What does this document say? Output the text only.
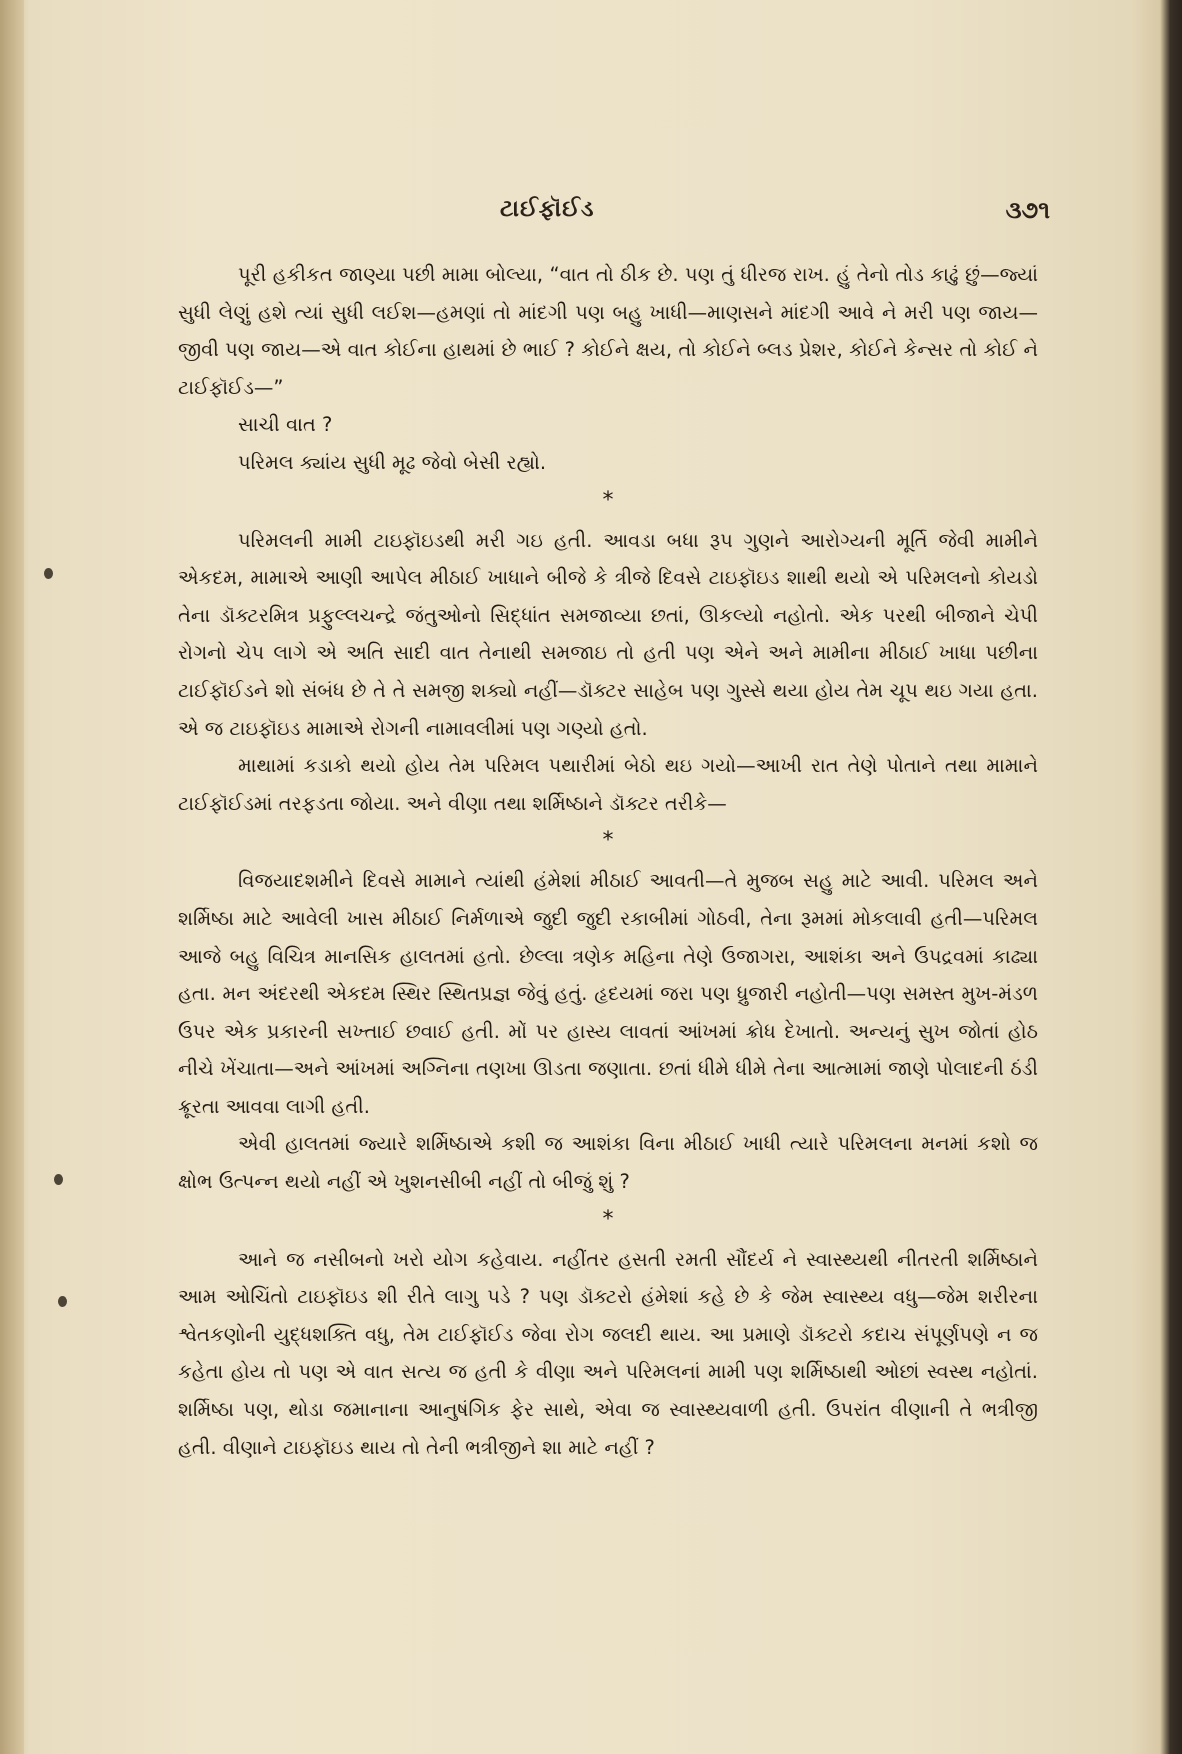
ટાઈફૉઈડ	૩૭૧

પૂરી હકીકત જાણ્યા પછી મામા બોલ્યા, “વાત તો ઠીક છે. પણ તું ધીરજ રાખ. હું તેનો તોડ કાઢું છું—જ્યાં સુધી લેણું હશે ત્યાં સુધી લઈશ—હમણાં તો માંદગી પણ બહુ ખાધી—માણસને માંદગી આવે ને મરી પણ જાય—જીવી પણ જાય—એ વાત કોઈના હાથમાં છે ભાઈ ? કોઈને ક્ષય, તો કોઈને બ્લડ પ્રેશર, કોઈને કેન્સર તો કોઈ ને ટાઈફૉઈડ—”

સાચી વાત ?

પરિમલ ક્યાંય સુધી મૂઢ જેવો બેસી રહ્યો.

*

પરિમલની મામી ટાઇફૉઇડથી મરી ગઇ હતી. આવડા બધા રૂપ ગુણને આરોગ્યની મૂર્તિ જેવી મામીને એકદમ, મામાએ આણી આપેલ મીઠાઈ ખાધાને બીજે કે ત્રીજે દિવસે ટાઇફૉઇડ શાથી થયો એ પરિમલનો કોયડો તેના ડૉક્ટરમિત્ર પ્રફુલ્લચન્દ્રે જંતુઓનો સિદ્ધાંત સમજાવ્યા છતાં, ઊકલ્યો નહોતો. એક પરથી બીજાને ચેપી રોગનો ચેપ લાગે એ અતિ સાદી વાત તેનાથી સમજાઇ તો હતી પણ એને અને મામીના મીઠાઈ ખાધા પછીના ટાઈફૉઈડને શો સંબંધ છે તે તે સમજી શક્યો નહીં—ડૉક્ટર સાહેબ પણ ગુસ્સે થયા હોય તેમ ચૂપ થઇ ગયા હતા. એ જ ટાઇફૉઇડ મામાએ રોગની નામાવલીમાં પણ ગણ્યો હતો.

માથામાં કડાકો થયો હોય તેમ પરિમલ પથારીમાં બેઠો થઇ ગયો—આખી રાત તેણે પોતાને તથા મામાને ટાઈફૉઈડમાં તરફડતા જોયા. અને વીણા તથા શર્મિષ્ઠાને ડૉક્ટર તરીકે—

*

વિજયાદશમીને દિવસે મામાને ત્યાંથી હંમેશાં મીઠાઈ આવતી—તે મુજબ સહુ માટે આવી. પરિમલ અને શર્મિષ્ઠા માટે આવેલી ખાસ મીઠાઈ નિર્મળાએ જુદી જુદી રકાબીમાં ગોઠવી, તેના રૂમમાં મોકલાવી હતી—પરિમલ આજે બહુ વિચિત્ર માનસિક હાલતમાં હતો. છેલ્લા ત્રણેક મહિના તેણે ઉજાગરા, આશંકા અને ઉપદ્રવમાં કાઢ્યા હતા. મન અંદરથી એકદમ સ્થિર સ્થિતપ્રજ્ઞ જેવું હતું. હૃદયમાં જરા પણ ધ્રુજારી નહોતી—પણ સમસ્ત મુખ-મંડળ ઉપર એક પ્રકારની સખ્તાઈ છવાઈ હતી. મોં પર હાસ્ય લાવતાં આંખમાં ક્રોધ દેખાતો. અન્યનું સુખ જોતાં હોઠ નીચે ખેંચાતા—અને આંખમાં અગ્નિના તણખા ઊડતા જણાતા. છતાં ધીમે ધીમે તેના આત્મામાં જાણે પોલાદની ઠંડી ક્રૂરતા આવવા લાગી હતી.

એવી હાલતમાં જ્યારે શર્મિષ્ઠાએ કશી જ આશંકા વિના મીઠાઈ ખાધી ત્યારે પરિમલના મનમાં કશો જ ક્ષોભ ઉત્પન્ન થયો નહીં એ ખુશનસીબી નહીં તો બીજું શું ?

*

આને જ નસીબનો ખરો યોગ કહેવાય. નહીંતર હસતી રમતી સૌંદર્ય ને સ્વાસ્થ્યથી નીતરતી શર્મિષ્ઠાને આમ ઓચિંતો ટાઇફૉઇડ શી રીતે લાગુ પડે ? પણ ડૉક્ટરો હંમેશાં કહે છે કે જેમ સ્વાસ્થ્ય વધુ—જેમ શરીરના શ્વેતકણોની યુદ્ધશક્તિ વધુ, તેમ ટાઈફૉઈડ જેવા રોગ જલદી થાય. આ પ્રમાણે ડૉક્ટરો કદાચ સંપૂર્ણપણે ન જ કહેતા હોય તો પણ એ વાત સત્ય જ હતી કે વીણા અને પરિમલનાં મામી પણ શર્મિષ્ઠાથી ઓછાં સ્વસ્થ નહોતાં. શર્મિષ્ઠા પણ, થોડા જમાનાના આનુષંગિક ફેર સાથે, એવા જ સ્વાસ્થ્યવાળી હતી. ઉપરાંત વીણાની તે ભત્રીજી હતી. વીણાને ટાઇફૉઇડ થાય તો તેની ભત્રીજીને શા માટે નહીં ?
